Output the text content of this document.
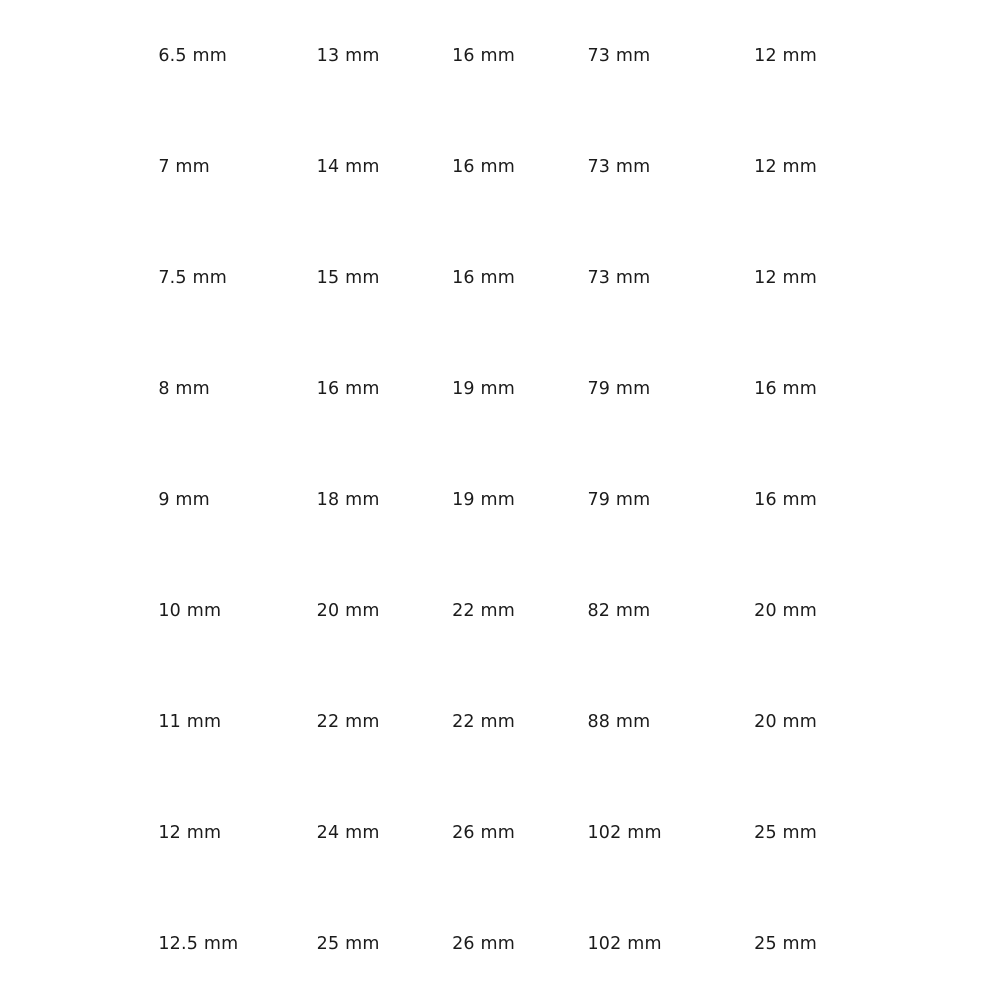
	6.5 mm	13 mm	16 mm	73 mm	12 mm	

	7 mm	14 mm	16 mm	73 mm	12 mm	

	7.5 mm	15 mm	16 mm	73 mm	12 mm	

	8 mm	16 mm	19 mm	79 mm	16 mm	

	9 mm	18 mm	19 mm	79 mm	16 mm	

	10 mm	20 mm	22 mm	82 mm	20 mm	

	11 mm	22 mm	22 mm	88 mm	20 mm	

	12 mm	24 mm	26 mm	102 mm	25 mm	

	12.5 mm	25 mm	26 mm	102 mm	25 mm	
